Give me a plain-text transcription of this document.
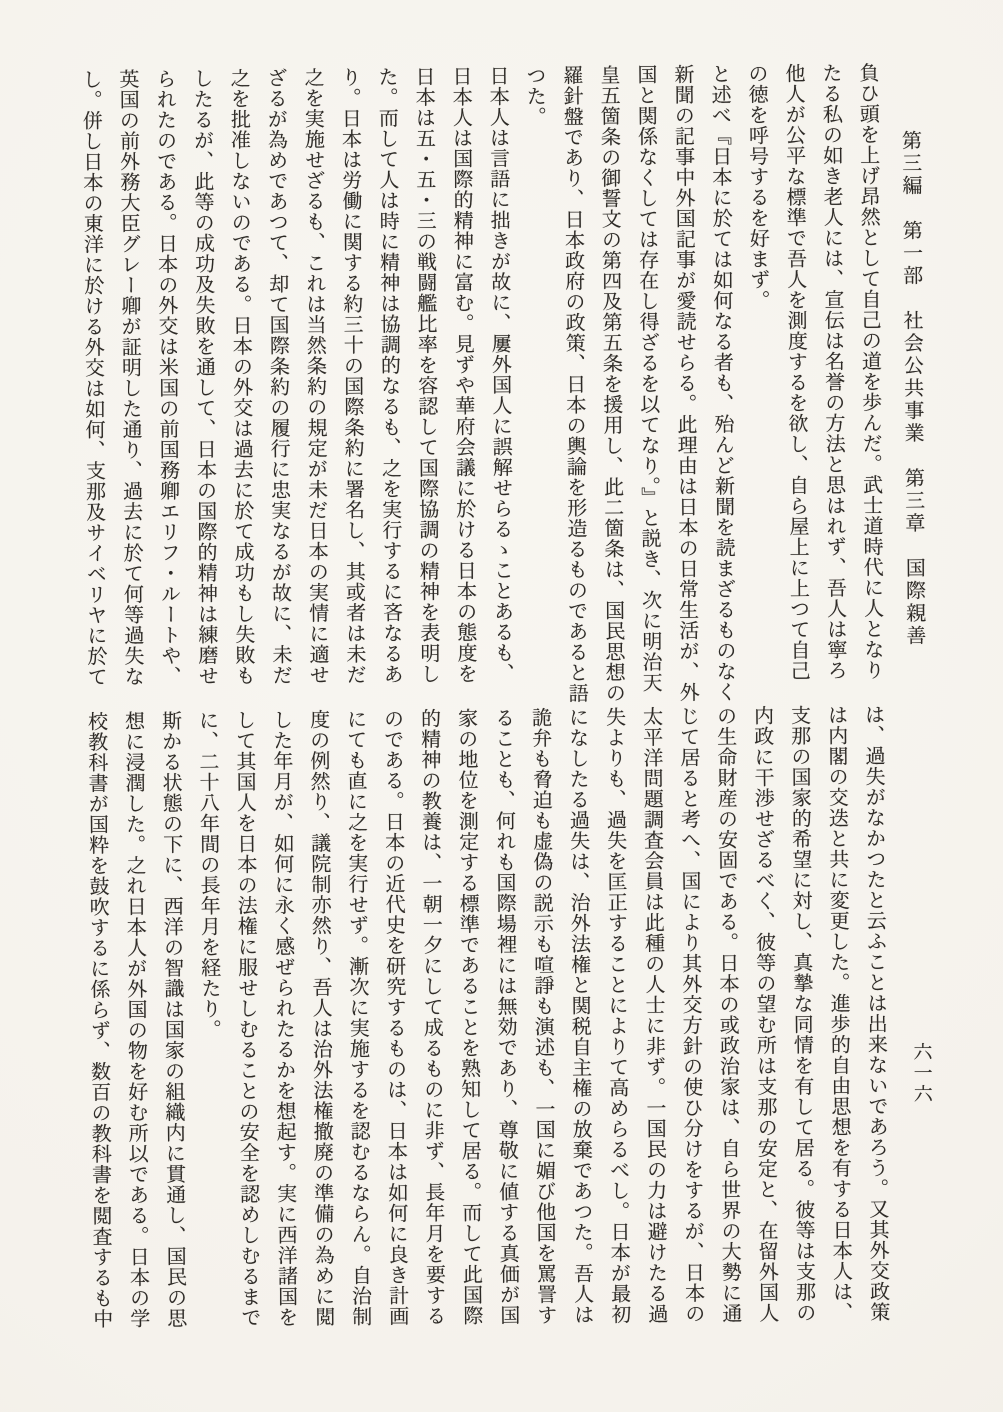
第三編　第一部　社会公共事業　第三章　国際親善
六一六

負ひ頭を上げ昂然として自己の道を歩んだ。武士道時代に人となり

たる私の如き老人には、宣伝は名誉の方法と思はれず、吾人は寧ろ

他人が公平な標準で吾人を測度するを欲し、自ら屋上に上つて自己

の徳を呼号するを好まず。

と述べ『日本に於ては如何なる者も、殆んど新聞を読まざるものなく

新聞の記事中外国記事が愛読せらる。此理由は日本の日常生活が、外

国と関係なくしては存在し得ざるを以てなり。』と説き、次に明治天

皇五箇条の御誓文の第四及第五条を援用し、此二箇条は、国民思想の

羅針盤であり、日本政府の政策、日本の輿論を形造るものであると語

つた。

日本人は言語に拙きが故に、屢外国人に誤解せらるゝことあるも、

日本人は国際的精神に富む。見ずや華府会議に於ける日本の態度を

日本は五・五・三の戦闘艦比率を容認して国際協調の精神を表明し

た。而して人は時に精神は協調的なるも、之を実行するに吝なるあ

り。日本は労働に関する約三十の国際条約に署名し、其或者は未だ

之を実施せざるも、これは当然条約の規定が未だ日本の実情に適せ

ざるが為めであつて、却て国際条約の履行に忠実なるが故に、未だ

之を批准しないのである。日本の外交は過去に於て成功もし失敗も

したるが、此等の成功及失敗を通して、日本の国際的精神は練磨せ

られたのである。日本の外交は米国の前国務卿エリフ・ルートや、

英国の前外務大臣グレー卿が証明した通り、過去に於て何等過失な

し。併し日本の東洋に於ける外交は如何、支那及サイベリヤに於て

は、過失がなかつたと云ふことは出来ないであろう。又其外交政策

は内閣の交迭と共に変更した。進歩的自由思想を有する日本人は、

支那の国家的希望に対し、真摯な同情を有して居る。彼等は支那の

内政に干渉せざるべく、彼等の望む所は支那の安定と、在留外国人

の生命財産の安固である。日本の或政治家は、自ら世界の大勢に通

じて居ると考へ、国により其外交方針の使ひ分けをするが、日本の

太平洋問題調査会員は此種の人士に非ず。一国民の力は避けたる過

失よりも、過失を匡正することによりて高めらるべし。日本が最初

になしたる過失は、治外法権と関税自主権の放棄であつた。吾人は

詭弁も脅迫も虚偽の説示も喧諍も演述も、一国に媚び他国を罵詈す

ることも、何れも国際場裡には無効であり、尊敬に値する真価が国

家の地位を測定する標準であることを熟知して居る。而して此国際

的精神の教養は、一朝一夕にして成るものに非ず、長年月を要する

のである。日本の近代史を研究するものは、日本は如何に良き計画

にても直に之を実行せず。漸次に実施するを認むるならん。自治制

度の例然り、議院制亦然り、吾人は治外法権撤廃の準備の為めに閲

した年月が、如何に永く感ぜられたるかを想起す。実に西洋諸国を

して其国人を日本の法権に服せしむることの安全を認めしむるまで

に、二十八年間の長年月を経たり。

斯かる状態の下に、西洋の智識は国家の組織内に貫通し、国民の思

想に浸潤した。之れ日本人が外国の物を好む所以である。日本の学

校教科書が国粋を鼓吹するに係らず、数百の教科書を閲査するも中
